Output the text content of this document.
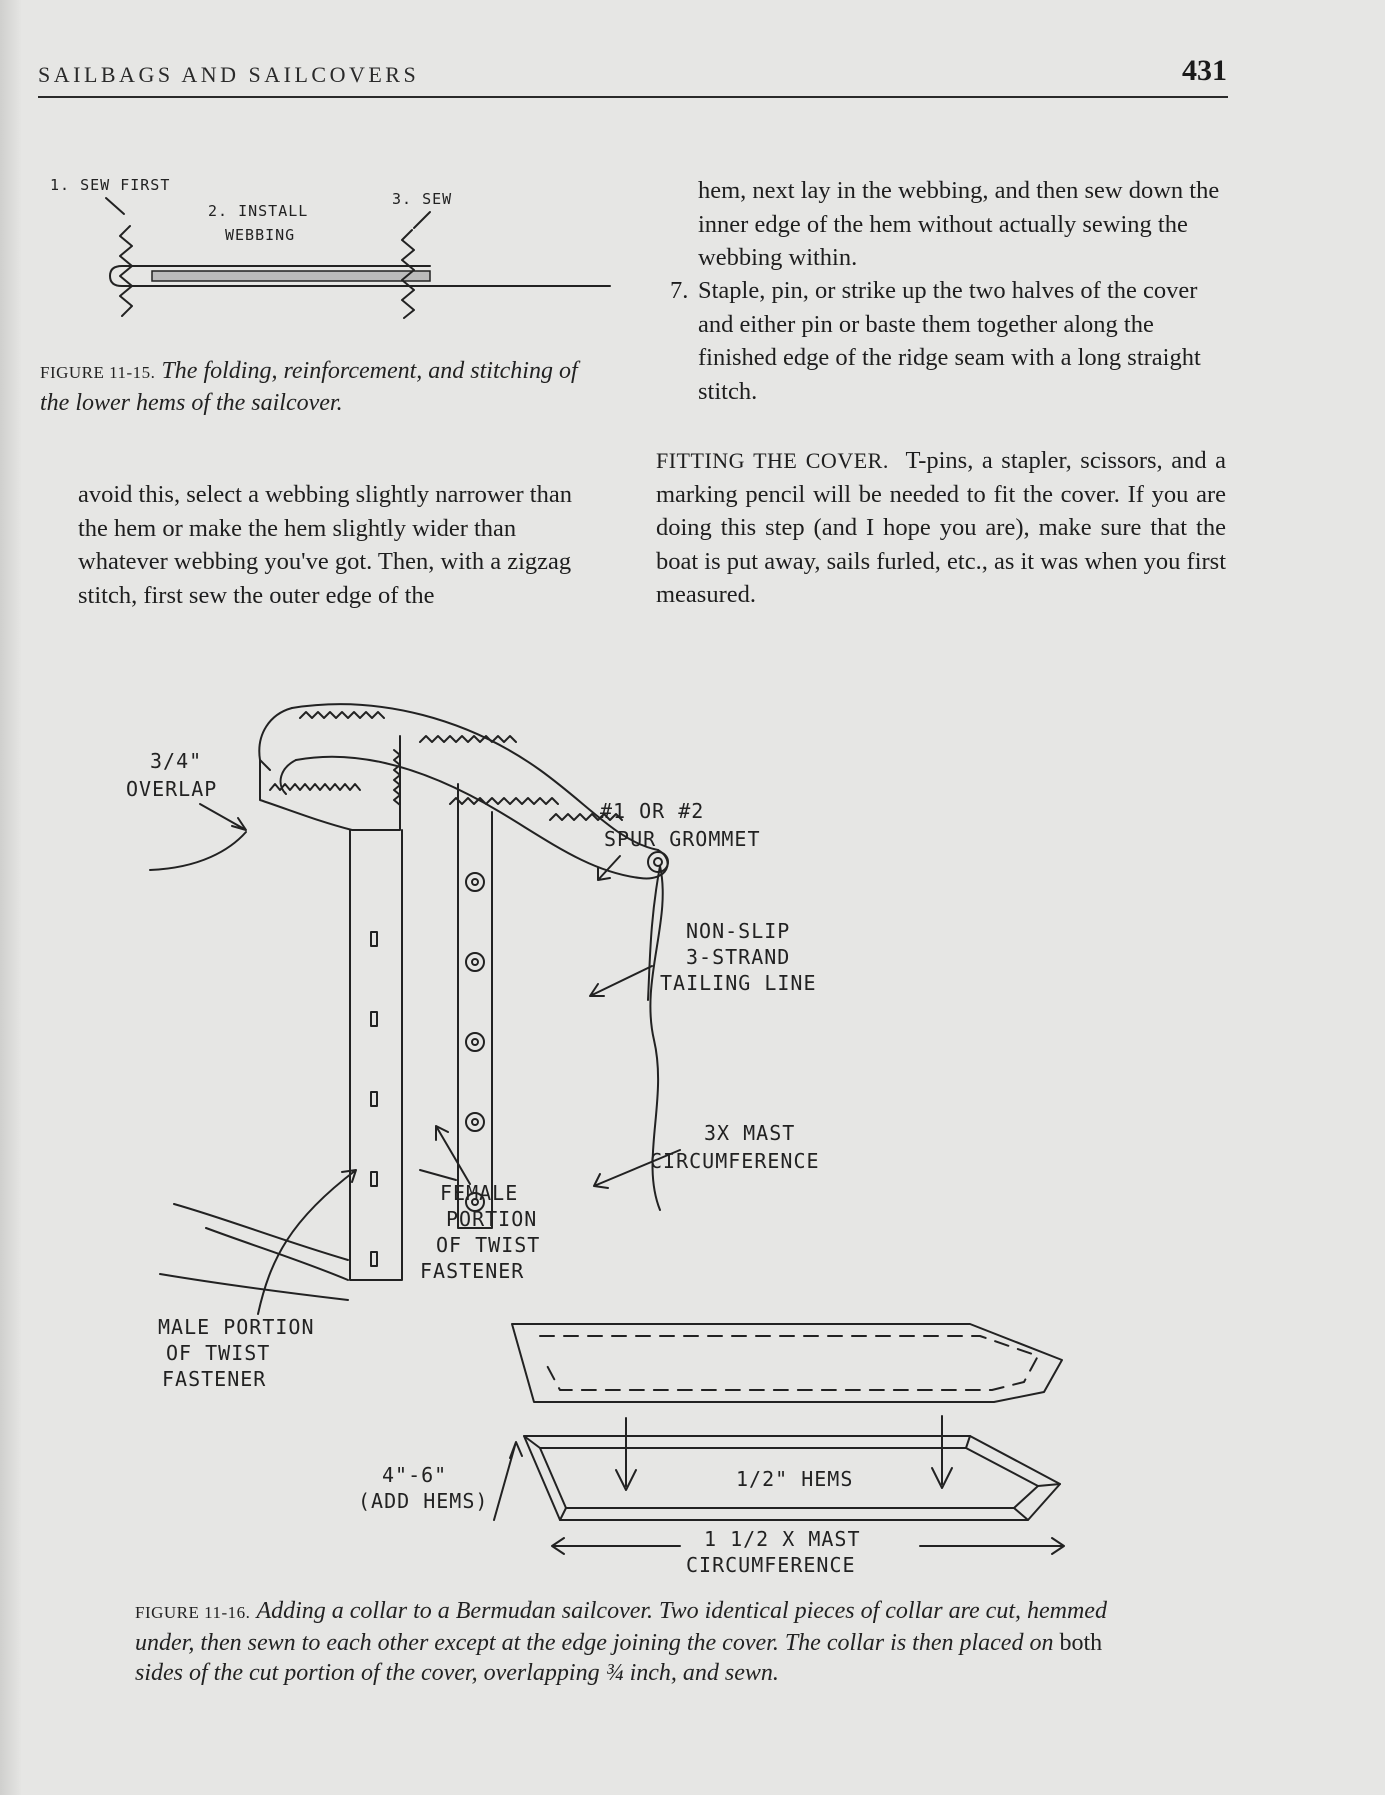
SAILBAGS AND SAILCOVERS	431
1. SEW FIRST
2. INSTALL
WEBBING
3. SEW
FIGURE 11-15. The folding, reinforcement, and stitching of the lower hems of the sailcover.
avoid this, select a webbing slightly narrower than the hem or make the hem slightly wider than whatever webbing you've got. Then, with a zigzag stitch, first sew the outer edge of the
hem, next lay in the webbing, and then sew down the inner edge of the hem without actually sewing the webbing within.
7. Staple, pin, or strike up the two halves of the cover and either pin or baste them together along the finished edge of the ridge seam with a long straight stitch.
FITTING THE COVER. T-pins, a stapler, scissors, and a marking pencil will be needed to fit the cover. If you are doing this step (and I hope you are), make sure that the boat is put away, sails furled, etc., as it was when you first measured.
3/4"
OVERLAP
#1 OR #2
SPUR GROMMET
NON-SLIP
3-STRAND
TAILING LINE
3X MAST
CIRCUMFERENCE
FEMALE
PORTION
OF TWIST
FASTENER
MALE PORTION
OF TWIST
FASTENER
1/2" HEMS
4"-6"
(ADD HEMS)
1 1/2 X MAST
CIRCUMFERENCE
FIGURE 11-16. Adding a collar to a Bermudan sailcover. Two identical pieces of collar are cut, hemmed under, then sewn to each other except at the edge joining the cover. The collar is then placed on both sides of the cut portion of the cover, overlapping ¾ inch, and sewn.
